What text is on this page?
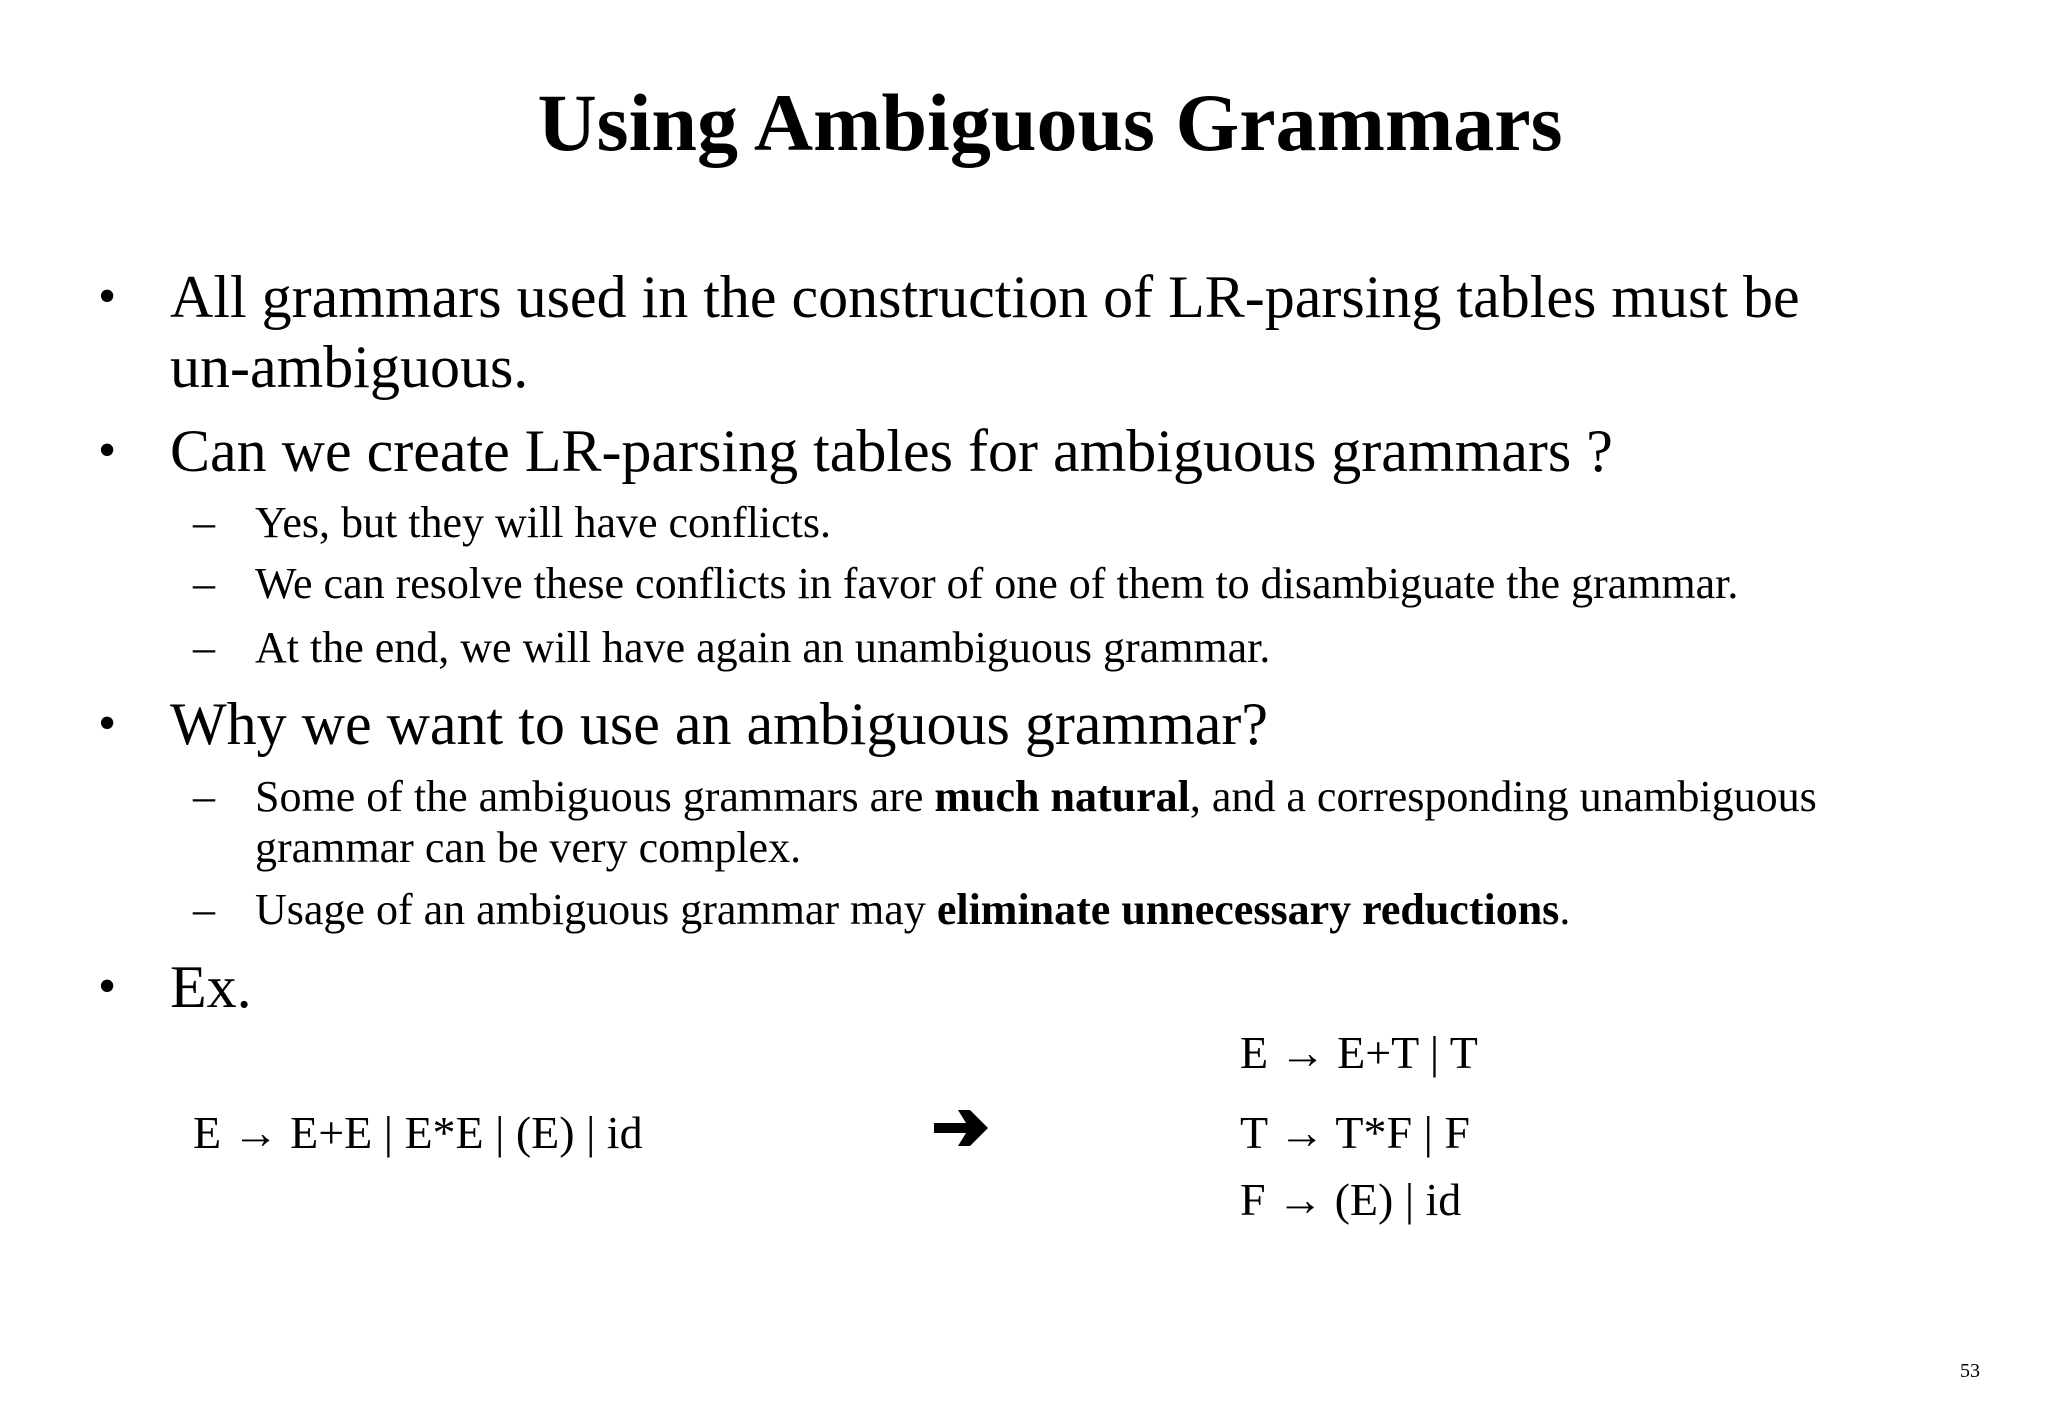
Using Ambiguous Grammars
• All grammars used in the construction of LR-parsing tables must be
un-ambiguous.
• Can we create LR-parsing tables for ambiguous grammars ?
– Yes, but they will have conflicts.
– We can resolve these conflicts in favor of one of them to disambiguate the grammar.
– At the end, we will have again an unambiguous grammar.
• Why we want to use an ambiguous grammar?
– Some of the ambiguous grammars are much natural, and a corresponding unambiguous
grammar can be very complex.
– Usage of an ambiguous grammar may eliminate unnecessary reductions.
• Ex.
E → E+E | E*E | (E) | id
E → E+T | T
T → T*F | F
F → (E) | id
53
